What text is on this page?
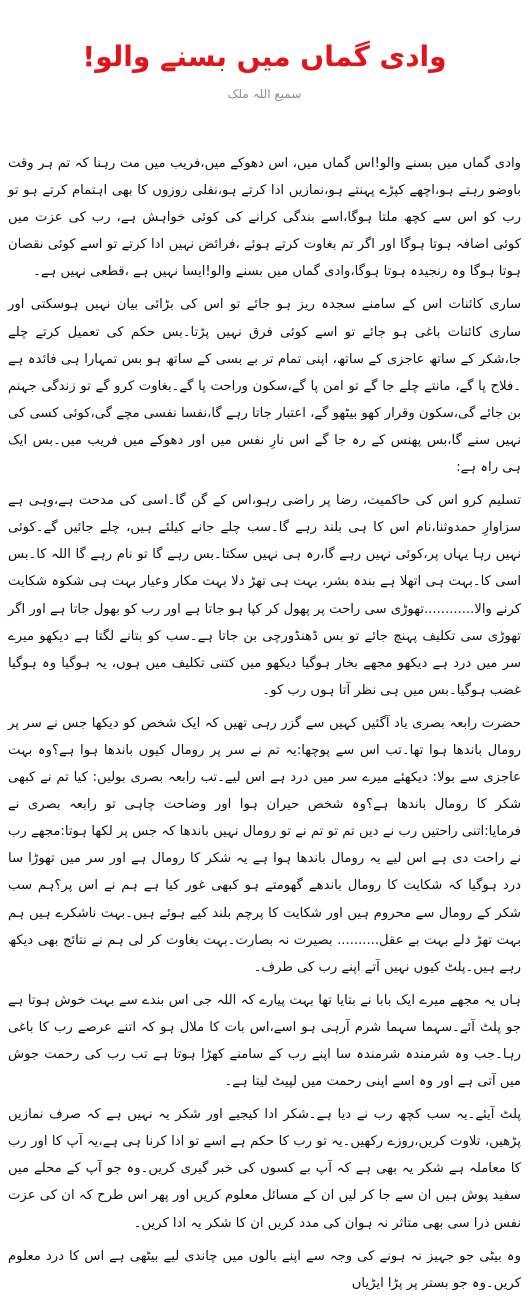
وادی گماں میں بسنے والو!
سمیع اللہ ملک

وادی گماں میں بسنے والو!اس گماں میں، اس دھوکے میں،فریب میں مت رہنا کہ تم ہر وقت باوضو رہتے ہو،اچھے کپڑے پہنتے ہو،نمازیں ادا کرتے ہو،نفلی روزوں کا بھی اہتمام کرتے ہو تو رب کو اس سے کچھ ملتا ہوگا،اسے بندگی کرانے کی کوئی خواہش ہے، رب کی عزت میں کوئی اضافہ ہوتا ہوگا اور اگر تم بغاوت کرتے ہوئے ،فرائض نہیں ادا کرتے تو اسے کوئی نقصان ہوتا ہوگا وہ رنجیدہ ہوتا ہوگا،وادی گماں میں بسنے والو!ایسا نہیں ہے ،قطعی نہیں ہے۔

ساری کائنات اس کے سامنے سجدہ ریز ہو جائے تو اس کی بڑائی بیان نہیں ہوسکتی اور ساری کائنات باغی ہو جائے تو اسے کوئی فرق نہیں پڑتا۔بس حکم کی تعمیل کرتے چلے جا،شکر کے ساتھ عاجزی کے ساتھ، اپنی تمام تر بے بسی کے ساتھ ہو بس تمہارا ہی فائدہ ہے ۔فلاح پا گے، مانتے چلے جا گے تو امن پا گے،سکون وراحت پا گے۔بغاوت کرو گے تو زندگی جہنم بن جائے گی،سکون وقرار کھو بیٹھو گے، اعتبار جاتا رہے گا،نفسا نفسی مچے گی،کوئی کسی کی نہیں سنے گا،بس پھنس کے رہ جا گے اس نارِ نفس میں اور دھوکے میں فریب میں۔بس ایک ہی راہ ہے:

تسلیم کرو اس کی حاکمیت، رضا پر راضی رہو،اس کے گن گا۔اسی کی مدحت ہے،وہی ہے سزاوارِ حمدوثنا،نام اس کا ہی بلند رہے گا۔سب چلے جانے کیلئے ہیں، چلے جائیں گے۔کوئی نہیں رہا یہاں پر،کوئی نہیں رہے گا،رہ ہی نہیں سکتا۔بس رہے گا تو نام رہے گا اللہ کا۔بس اسی کا۔بہت ہی اتھلا ہے بندہ بشر، بہت ہی تھڑ دلا بہت مکار وعیار بہت ہی شکوہ شکایت کرنے والا............تھوڑی سی راحت پر پھول کر کپا ہو جاتا ہے اور رب کو بھول جاتا ہے اور اگر تھوڑی سی تکلیف پہنچ جائے تو بس ڈھنڈورچی بن جاتا ہے۔سب کو بتانے لگتا ہے دیکھو میرے سر میں درد ہے دیکھو مجھے بخار ہوگیا دیکھو میں کتنی تکلیف میں ہوں، یہ ہوگیا وہ ہوگیا غضب ہوگیا۔بس میں ہی نظر آتا ہوں رب کو۔

حضرت رابعہ بصری یاد آگئیں کہیں سے گزر رہی تھیں کہ ایک شخص کو دیکھا جس نے سر پر رومال باندھا ہوا تھا۔تب اس سے پوچھا:یہ تم نے سر پر رومال کیوں باندھا ہوا ہے؟وہ بہت عاجزی سے بولا: دیکھئے میرے سر میں درد ہے اس لیے۔تب رابعہ بصری بولیں: کیا تم نے کبھی شکر کا رومال باندھا ہے؟وہ شخص حیران ہوا اور وضاحت چاہی تو رابعہ بصری نے فرمایا:اتنی راحتیں رب نے دیں تم تو تم نے تو رومال نہیں باندھا کہ جس پر لکھا ہوتا:مجھے رب نے راحت دی ہے اس لیے یہ رومال باندھا ہوا ہے یہ شکر کا رومال ہے اور سر میں تھوڑا سا درد ہوگیا کہ شکایت کا رومال باندھے گھومتے ہو کبھی غور کیا ہے ہم نے اس پر؟ہم سب شکر کے رومال سے محروم ہیں اور شکایت کا پرچم بلند کیے ہوئے ہیں۔بہت ناشکرے ہیں ہم بہت تھڑ دلے بہت بے عقل.......... بصیرت نہ بصارت۔بہت بغاوت کر لی ہم نے نتائج بھی دیکھ رہے ہیں۔پلٹ کیوں نہیں آتے اپنے رب کی طرف۔

ہاں یہ مجھے میرے ایک بابا نے بتایا تھا بہت پیارے کہ اللہ جی اس بندے سے بہت خوش ہوتا ہے جو پلٹ آئے۔سہما سہما شرم آرہی ہو اسے،اس بات کا ملال ہو کہ اتنے عرصے رب کا باغی رہا۔جب وہ شرمندہ شرمندہ سا اپنے رب کے سامنے کھڑا ہوتا ہے تب رب کی رحمت جوش میں آتی ہے اور وہ اسے اپنی رحمت میں لپیٹ لیتا ہے۔

پلٹ آیئے۔یہ سب کچھ رب نے دیا ہے۔شکر ادا کیجیے اور شکر یہ نہیں ہے کہ صرف نمازیں پڑھیں، تلاوت کریں،روزے رکھیں۔یہ تو رب کا حکم ہے اسے تو ادا کرنا ہی ہے،یہ آپ کا اور رب کا معاملہ ہے شکر یہ بھی ہے کہ آپ بے کسوں کی خبر گیری کریں۔وہ جو آپ کے محلے میں سفید پوش ہیں ان سے جا کر لیں ان کے مسائل معلوم کریں اور پھر اس طرح کہ ان کی عزت نفس ذرا سی بھی متاثر نہ ہوان کی مدد کریں ان کا شکر یہ ادا کریں۔

وہ بیٹی جو جہیز نہ ہونے کی وجہ سے اپنے بالوں میں چاندی لیے بیٹھی ہے اس کا درد معلوم کریں۔وہ جو بستر پر پڑا ایڑیاں
